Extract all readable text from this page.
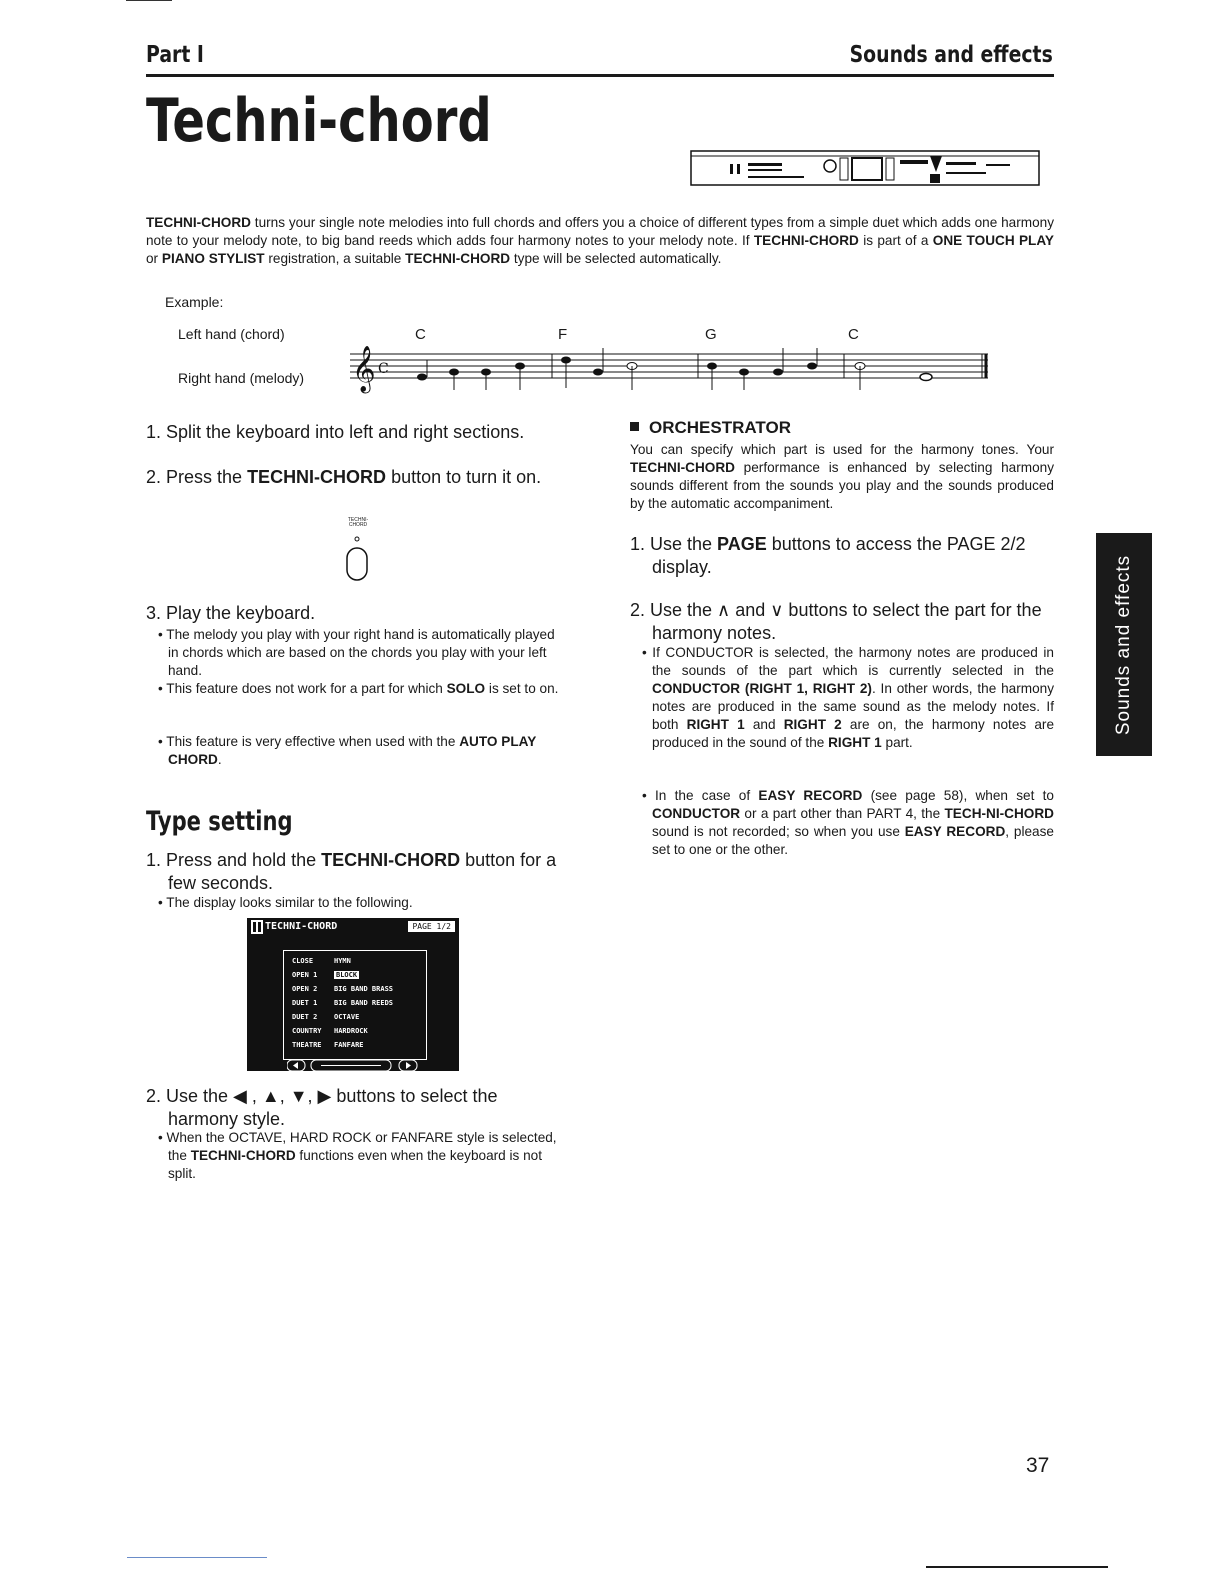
Part I	Sounds and effects
Techni-chord
TECHNI-CHORD turns your single note melodies into full chords and offers you a choice of different types from a simple duet which adds one harmony note to your melody note, to big band reeds which adds four harmony notes to your melody note. If TECHNI-CHORD is part of a ONE TOUCH PLAY or PIANO STYLIST registration, a suitable TECHNI-CHORD type will be selected automatically.
Example:
Left hand (chord)
Right hand (melody)
C	F	G	C
𝄞 C
1. Split the keyboard into left and right sections.
2. Press the TECHNI-CHORD button to turn it on.
TECHNI-CHORD
3. Play the keyboard.
• The melody you play with your right hand is automatically played in chords which are based on the chords you play with your left hand.
• This feature does not work for a part for which SOLO is set to on.
• This feature is very effective when used with the AUTO PLAY CHORD.
Type setting
1. Press and hold the TECHNI-CHORD button for a few seconds.
• The display looks similar to the following.
TECHNI-CHORD	PAGE 1/2
CLOSE	HYMN
OPEN 1	BLOCK
OPEN 2 BIG BAND BRASS
DUET 1 BIG BAND REEDS
DUET 2 OCTAVE
COUNTRY HARDROCK
THEATRE FANFARE
2. Use the ◀ , ▲, ▼, ▶ buttons to select the harmony style.
• When the OCTAVE, HARD ROCK or FANFARE style is selected, the TECHNI-CHORD functions even when the keyboard is not split.
ORCHESTRATOR
You can specify which part is used for the harmony tones. Your TECHNI-CHORD performance is enhanced by selecting harmony sounds different from the sounds you play and the sounds produced by the automatic accompaniment.
1. Use the PAGE buttons to access the PAGE 2/2 display.
2. Use the ∧ and ∨ buttons to select the part for the harmony notes.
• If CONDUCTOR is selected, the harmony notes are produced in the sounds of the part which is currently selected in the CONDUCTOR (RIGHT 1, RIGHT 2). In other words, the harmony notes are produced in the same sound as the melody notes. If both RIGHT 1 and RIGHT 2 are on, the harmony notes are produced in the sound of the RIGHT 1 part.
• In the case of EASY RECORD (see page 58), when set to CONDUCTOR or a part other than PART 4, the TECH-NI-CHORD sound is not recorded; so when you use EASY RECORD, please set to one or the other.
Sounds and effects
37
